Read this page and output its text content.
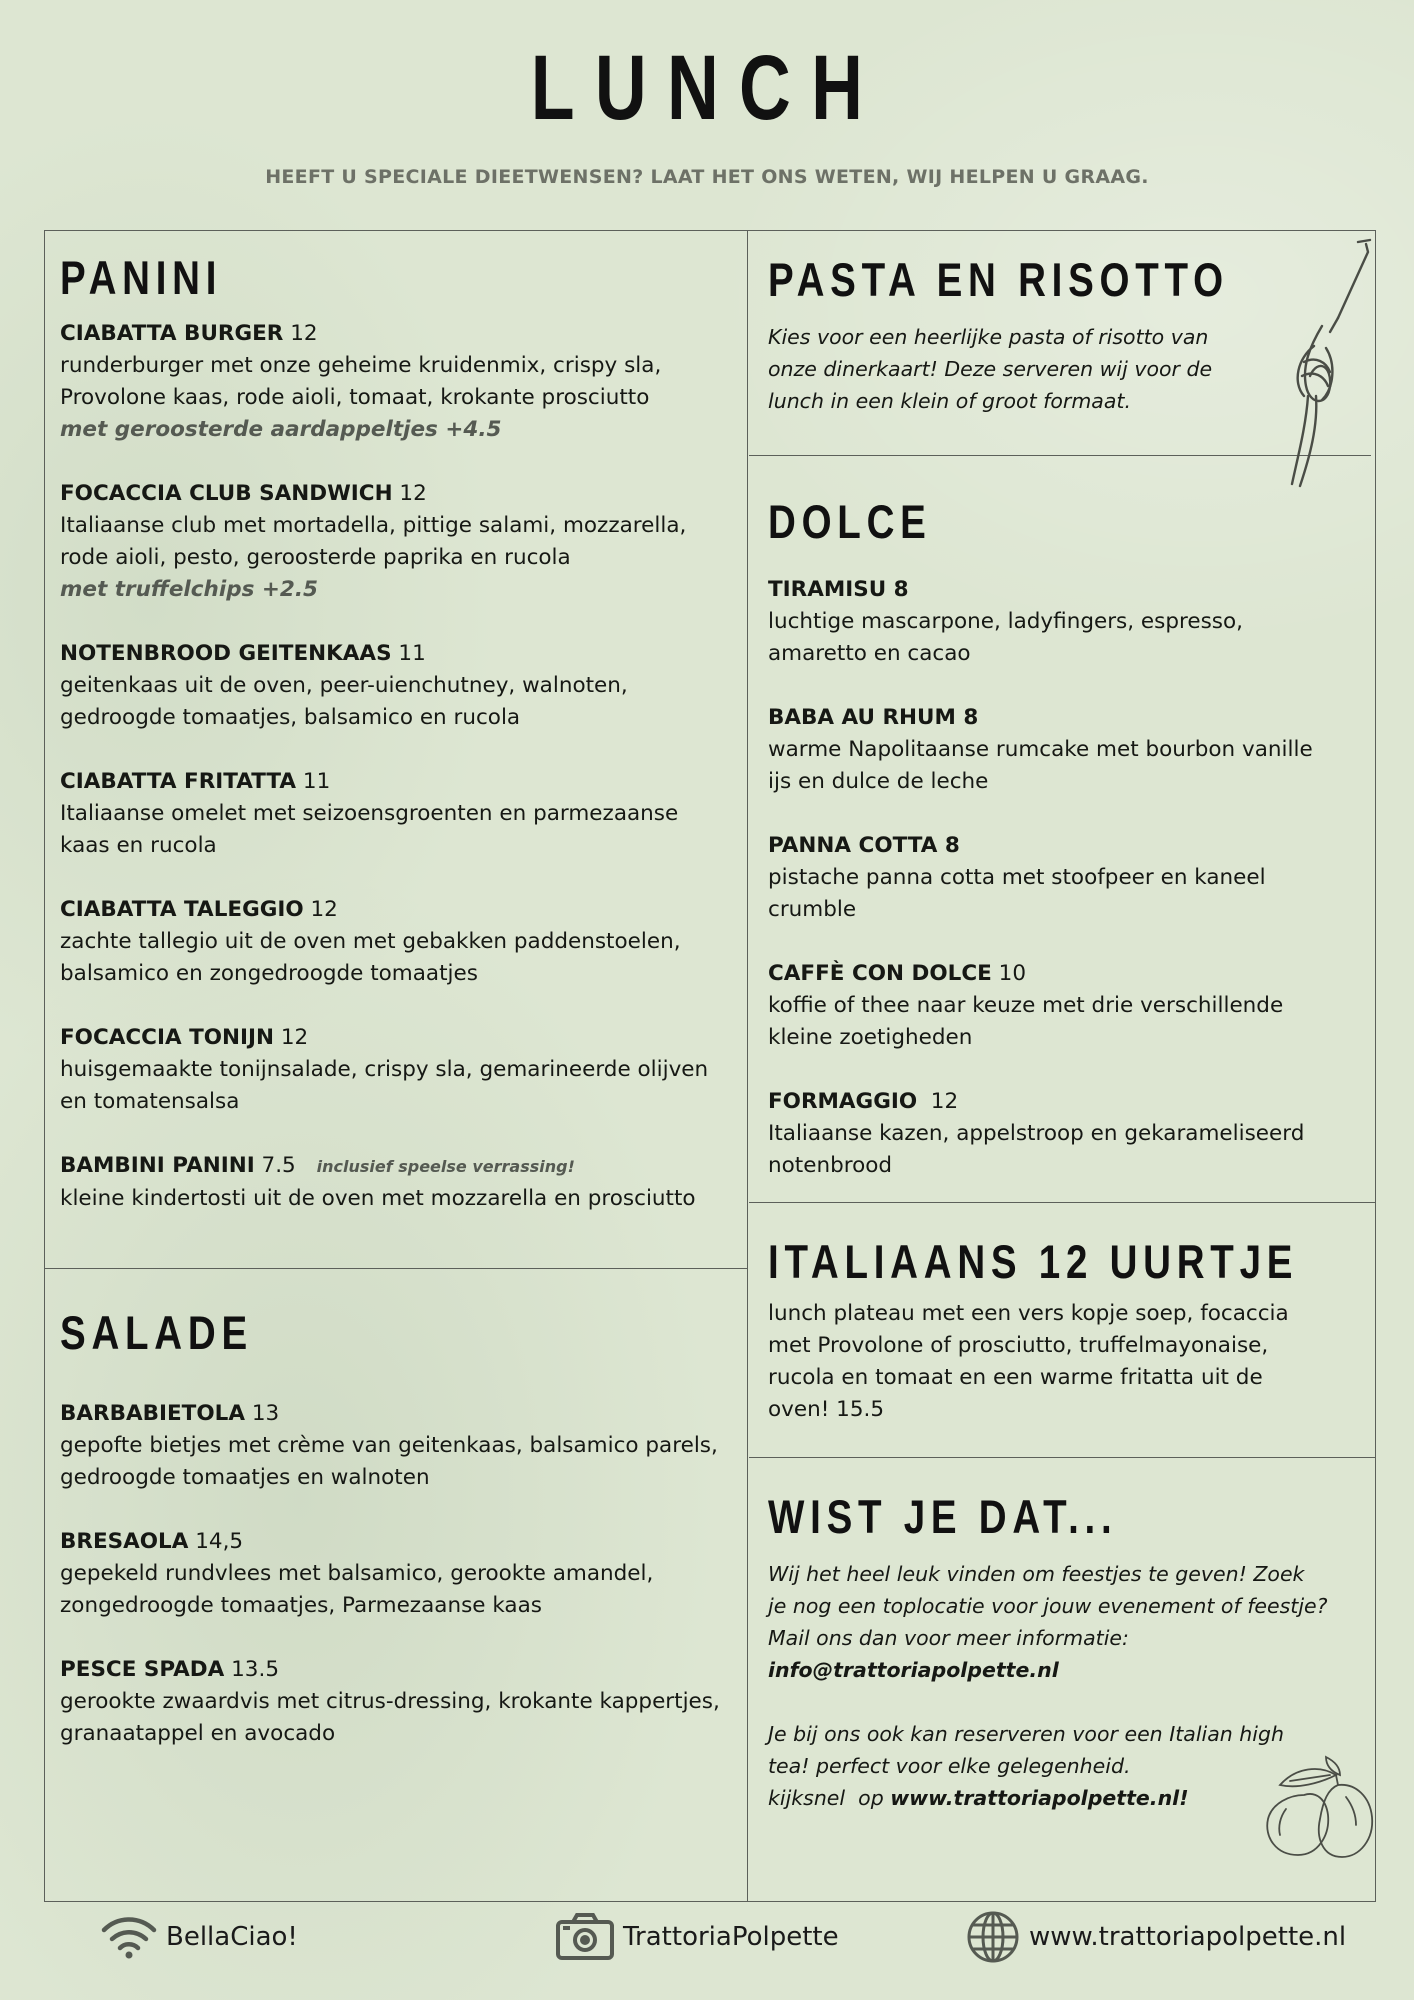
LUNCH
HEEFT U SPECIALE DIEETWENSEN? LAAT HET ONS WETEN, WIJ HELPEN U GRAAG.
PANINI
CIABATTA BURGER 12
runderburger met onze geheime kruidenmix, crispy sla, Provolone kaas, rode aioli, tomaat, krokante prosciutto
met geroosterde aardappeltjes +4.5
FOCACCIA CLUB SANDWICH 12
Italiaanse club met mortadella, pittige salami, mozzarella, rode aioli, pesto, geroosterde paprika en rucola
met truffelchips +2.5
NOTENBROOD GEITENKAAS 11
geitenkaas uit de oven, peer-uienchutney, walnoten, gedroogde tomaatjes, balsamico en rucola
CIABATTA FRITATTA 11
Italiaanse omelet met seizoensgroenten en parmezaanse kaas en rucola
CIABATTA TALEGGIO 12
zachte tallegio uit de oven met gebakken paddenstoelen, balsamico en zongedroogde tomaatjes
FOCACCIA TONIJN 12
huisgemaakte tonijnsalade, crispy sla, gemarineerde olijven en tomatensalsa
BAMBINI PANINI 7.5 inclusief speelse verrassing!
kleine kindertosti uit de oven met mozzarella en prosciutto
SALADE
BARBABIETOLA 13
gepofte bietjes met crème van geitenkaas, balsamico parels, gedroogde tomaatjes en walnoten
BRESAOLA 14,5
gepekeld rundvlees met balsamico, gerookte amandel, zongedroogde tomaatjes, Parmezaanse kaas
PESCE SPADA 13.5
gerookte zwaardvis met citrus-dressing, krokante kappertjes, granaatappel en avocado
PASTA EN RISOTTO
Kies voor een heerlijke pasta of risotto van onze dinerkaart! Deze serveren wij voor de lunch in een klein of groot formaat.
DOLCE
TIRAMISU 8
luchtige mascarpone, ladyfingers, espresso, amaretto en cacao
BABA AU RHUM 8
warme Napolitaanse rumcake met bourbon vanille ijs en dulce de leche
PANNA COTTA 8
pistache panna cotta met stoofpeer en kaneel crumble
CAFFÈ CON DOLCE 10
koffie of thee naar keuze met drie verschillende kleine zoetigheden
FORMAGGIO  12
Italiaanse kazen, appelstroop en gekarameliseerd notenbrood
ITALIAANS 12 UURTJE
lunch plateau met een vers kopje soep, focaccia met Provolone of prosciutto, truffelmayonaise, rucola en tomaat en een warme fritatta uit de oven! 15.5
WIST JE DAT...
Wij het heel leuk vinden om feestjes te geven! Zoek je nog een toplocatie voor jouw evenement of feestje? Mail ons dan voor meer informatie:
info@trattoriapolpette.nl
Je bij ons ook kan reserveren voor een Italian high tea! perfect voor elke gelegenheid.
kijksnel  op www.trattoriapolpette.nl!
BellaCiao!	TrattoriaPolpette	www.trattoriapolpette.nl
